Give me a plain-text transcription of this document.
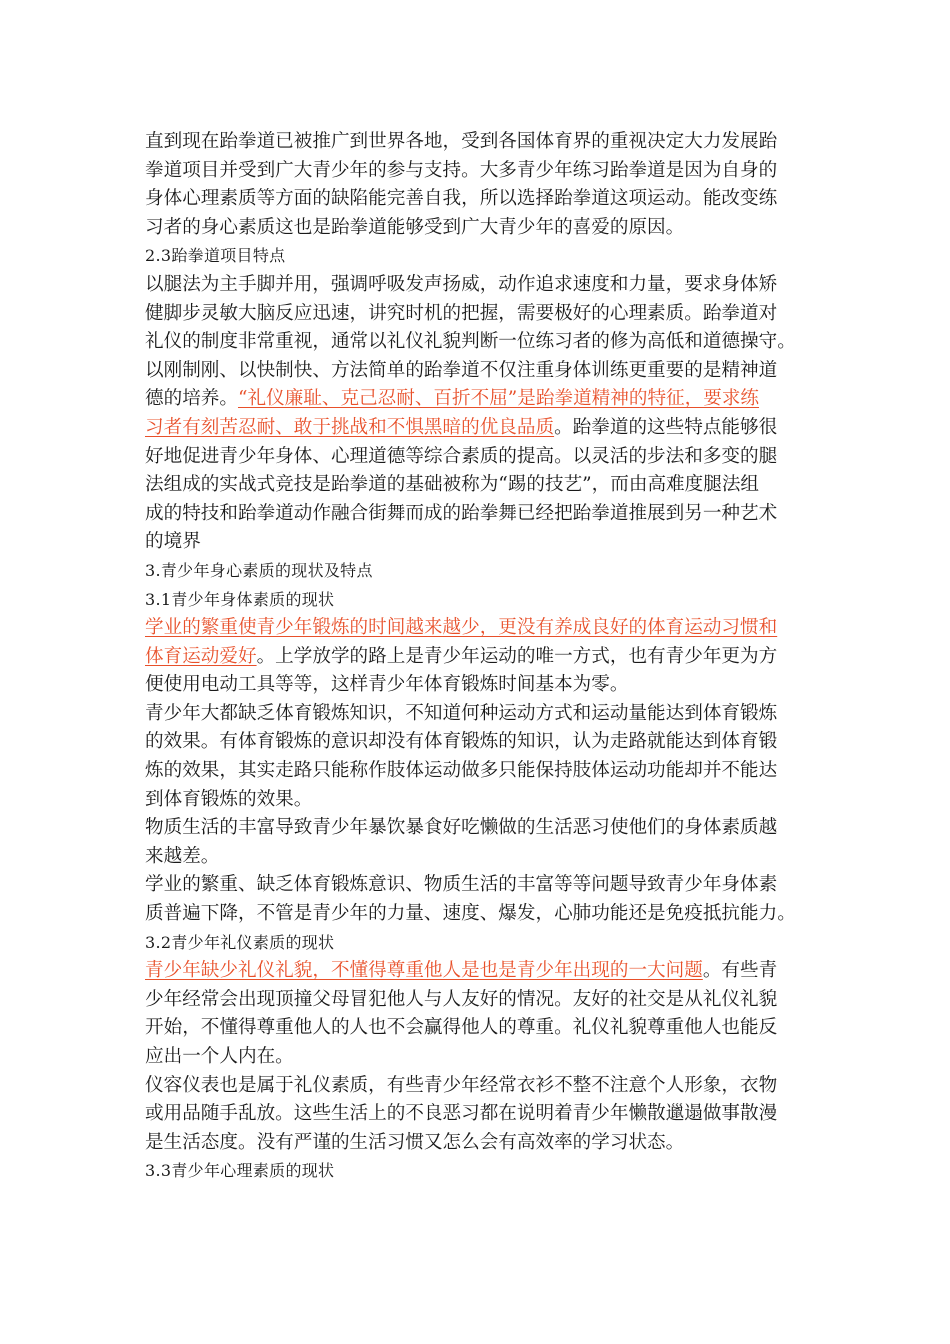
直到现在跆拳道已被推广到世界各地，受到各国体育界的重视决定大力发展跆
拳道项目并受到广大青少年的参与支持。大多青少年练习跆拳道是因为自身的
身体心理素质等方面的缺陷能完善自我，所以选择跆拳道这项运动。能改变练
习者的身心素质这也是跆拳道能够受到广大青少年的喜爱的原因。
2.3跆拳道项目特点
以腿法为主手脚并用，强调呼吸发声扬威，动作追求速度和力量，要求身体矫
健脚步灵敏大脑反应迅速，讲究时机的把握，需要极好的心理素质。跆拳道对
礼仪的制度非常重视，通常以礼仪礼貌判断一位练习者的修为高低和道德操守。
以刚制刚、以快制快、方法简单的跆拳道不仅注重身体训练更重要的是精神道
德的培养。“礼仪廉耻、克己忍耐、百折不屈”是跆拳道精神的特征，要求练
习者有刻苦忍耐、敢于挑战和不惧黑暗的优良品质。跆拳道的这些特点能够很
好地促进青少年身体、心理道德等综合素质的提高。以灵活的步法和多变的腿
法组成的实战式竞技是跆拳道的基础被称为“踢的技艺”，而由高难度腿法组
成的特技和跆拳道动作融合街舞而成的跆拳舞已经把跆拳道推展到另一种艺术
的境界
3.青少年身心素质的现状及特点
3.1青少年身体素质的现状
学业的繁重使青少年锻炼的时间越来越少，更没有养成良好的体育运动习惯和
体育运动爱好。上学放学的路上是青少年运动的唯一方式，也有青少年更为方
便使用电动工具等等，这样青少年体育锻炼时间基本为零。
青少年大都缺乏体育锻炼知识，不知道何种运动方式和运动量能达到体育锻炼
的效果。有体育锻炼的意识却没有体育锻炼的知识，认为走路就能达到体育锻
炼的效果，其实走路只能称作肢体运动做多只能保持肢体运动功能却并不能达
到体育锻炼的效果。
物质生活的丰富导致青少年暴饮暴食好吃懒做的生活恶习使他们的身体素质越
来越差。
学业的繁重、缺乏体育锻炼意识、物质生活的丰富等等问题导致青少年身体素
质普遍下降，不管是青少年的力量、速度、爆发，心肺功能还是免疫抵抗能力。
3.2青少年礼仪素质的现状
青少年缺少礼仪礼貌，不懂得尊重他人是也是青少年出现的一大问题。有些青
少年经常会出现顶撞父母冒犯他人与人友好的情况。友好的社交是从礼仪礼貌
开始，不懂得尊重他人的人也不会赢得他人的尊重。礼仪礼貌尊重他人也能反
应出一个人内在。
仪容仪表也是属于礼仪素质，有些青少年经常衣衫不整不注意个人形象，衣物
或用品随手乱放。这些生活上的不良恶习都在说明着青少年懒散邋遢做事散漫
是生活态度。没有严谨的生活习惯又怎么会有高效率的学习状态。
3.3青少年心理素质的现状
